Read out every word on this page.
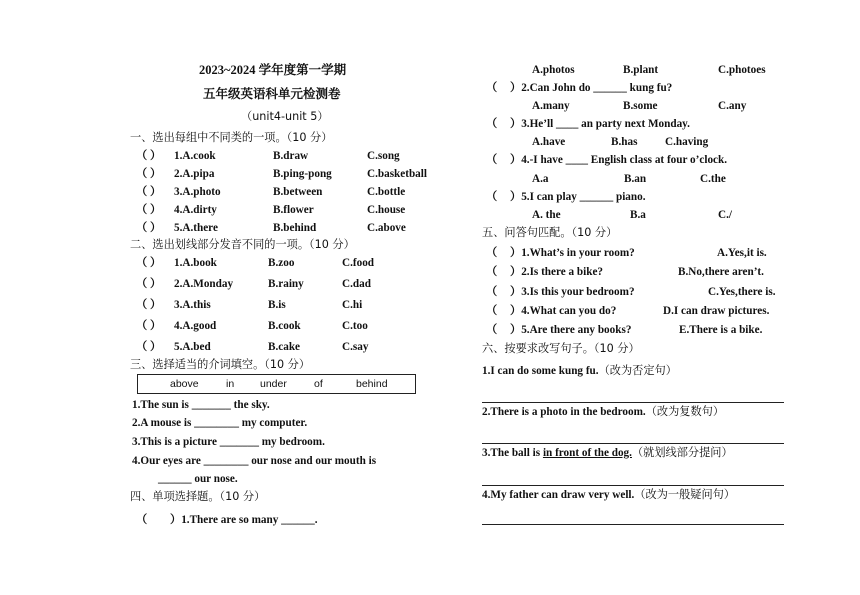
2023~2024 学年度第一学期
五年级英语科单元检测卷
（unit4-unit 5）
一、选出每组中不同类的一项。（10 分）
（ ） 1.A.cook	B.draw	C.song
（ ） 2.A.pipa	B.ping-pong	C.basketball
（ ） 3.A.photo	B.between	C.bottle
（ ） 4.A.dirty	B.flower	C.house
（ ） 5.A.there	B.behind	C.above
二、选出划线部分发音不同的一项。（10 分）
（ ） 1.A.book	B.zoo	C.food
（ ） 2.A.Monday	B.rainy	C.dad
（ ） 3.A.this	B.is	C.hi
（ ） 4.A.good	B.cook	C.too
（ ） 5.A.bed	B.cake	C.say
三、选择适当的介词填空。（10 分）
above	in under	of	behind
1.The sun is _______ the sky.
2.A mouse is ________ my computer.
3.This is a picture _______ my bedroom.
4.Our eyes are ________ our nose and our mouth is
______ our nose.
四、单项选择题。（10 分）
（ ）1.There are so many ______.
A.photos	B.plant	C.photoes
（ ）2.Can John do ______ kung fu?
A.many	B.some	C.any
（ ）3.He’ll ____ an party next Monday.
A.have	B.has C.having
（ ）4.-I have ____ English class at four o’clock.
A.a	B.an	C.the
（ ）5.I can play ______ piano.
A. the	B.a	C./
五、问答句匹配。（10 分）
（ ）1.What’s in your room?	A.Yes,it is.
（ ）2.Is there a bike?	B.No,there aren’t.
（ ）3.Is this your bedroom?	C.Yes,there is.
（ ）4.What can you do?	D.I can draw pictures.
（ ）5.Are there any books?	E.There is a bike.
六、按要求改写句子。（10 分）
1.I can do some kung fu.（改为否定句）
2.There is a photo in the bedroom.（改为复数句）
3.The ball is in front of the dog.（就划线部分提问）
4.My father can draw very well.（改为一般疑问句）
